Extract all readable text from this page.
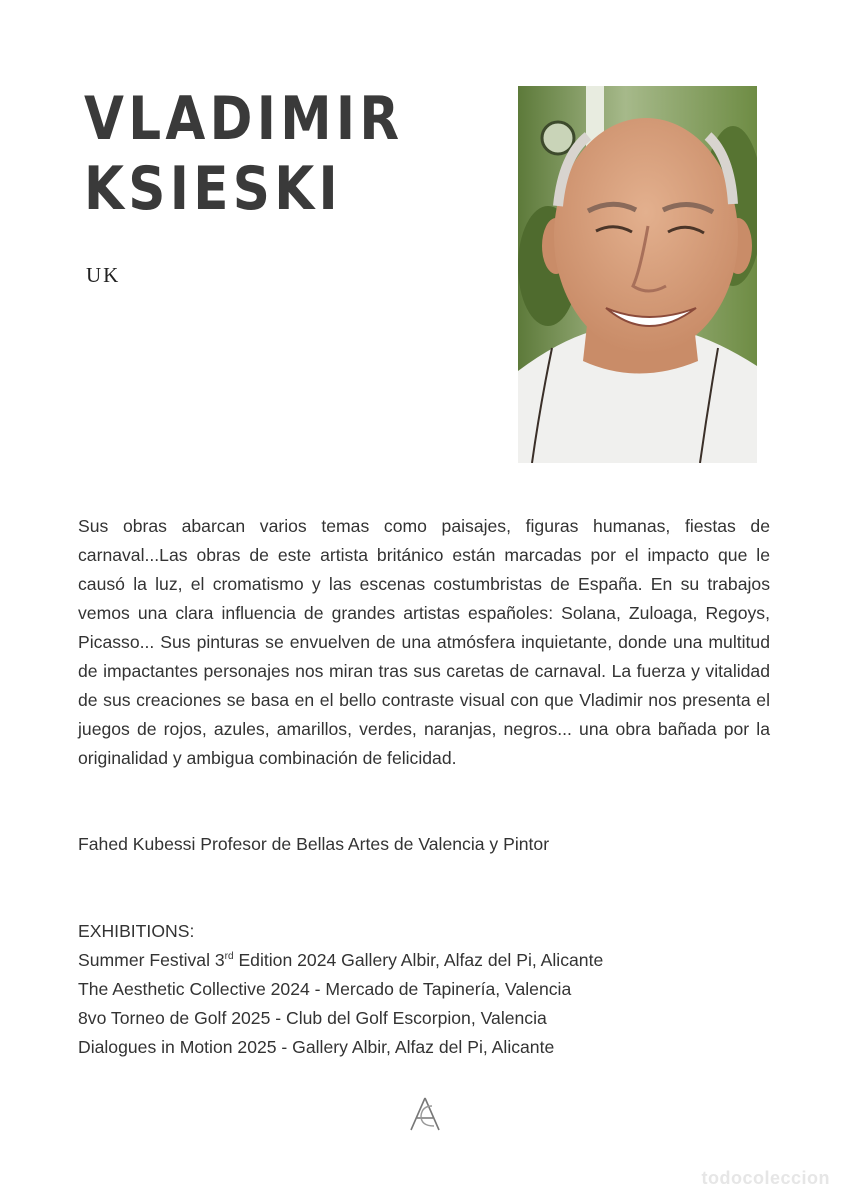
VLADIMIR
KSIESKI
UK

Sus obras abarcan varios temas como paisajes, figuras humanas, fiestas de carnaval...Las obras de este artista británico están marcadas por el impacto que le causó la luz, el cromatismo y las escenas costumbristas de España. En su trabajos vemos una clara influencia de grandes artistas españoles: Solana, Zuloaga, Regoys, Picasso... Sus pinturas se envuelven de una atmósfera inquietante, donde una multitud de impactantes personajes nos miran tras sus caretas de carnaval. La fuerza y vitalidad de sus creaciones se basa en el bello contraste visual con que Vladimir nos presenta el juegos de rojos, azules, amarillos, verdes, naranjas, negros... una obra bañada por la originalidad y ambigua combinación de felicidad.

Fahed Kubessi Profesor de Bellas Artes de Valencia y Pintor

EXHIBITIONS:
Summer Festival 3rd Edition 2024 Gallery Albir, Alfaz del Pi, Alicante
The Aesthetic Collective 2024 - Mercado de Tapinería, Valencia
8vo Torneo de Golf 2025 - Club del Golf Escorpion, Valencia
Dialogues in Motion 2025 - Gallery Albir, Alfaz del Pi, Alicante
todocoleccion
